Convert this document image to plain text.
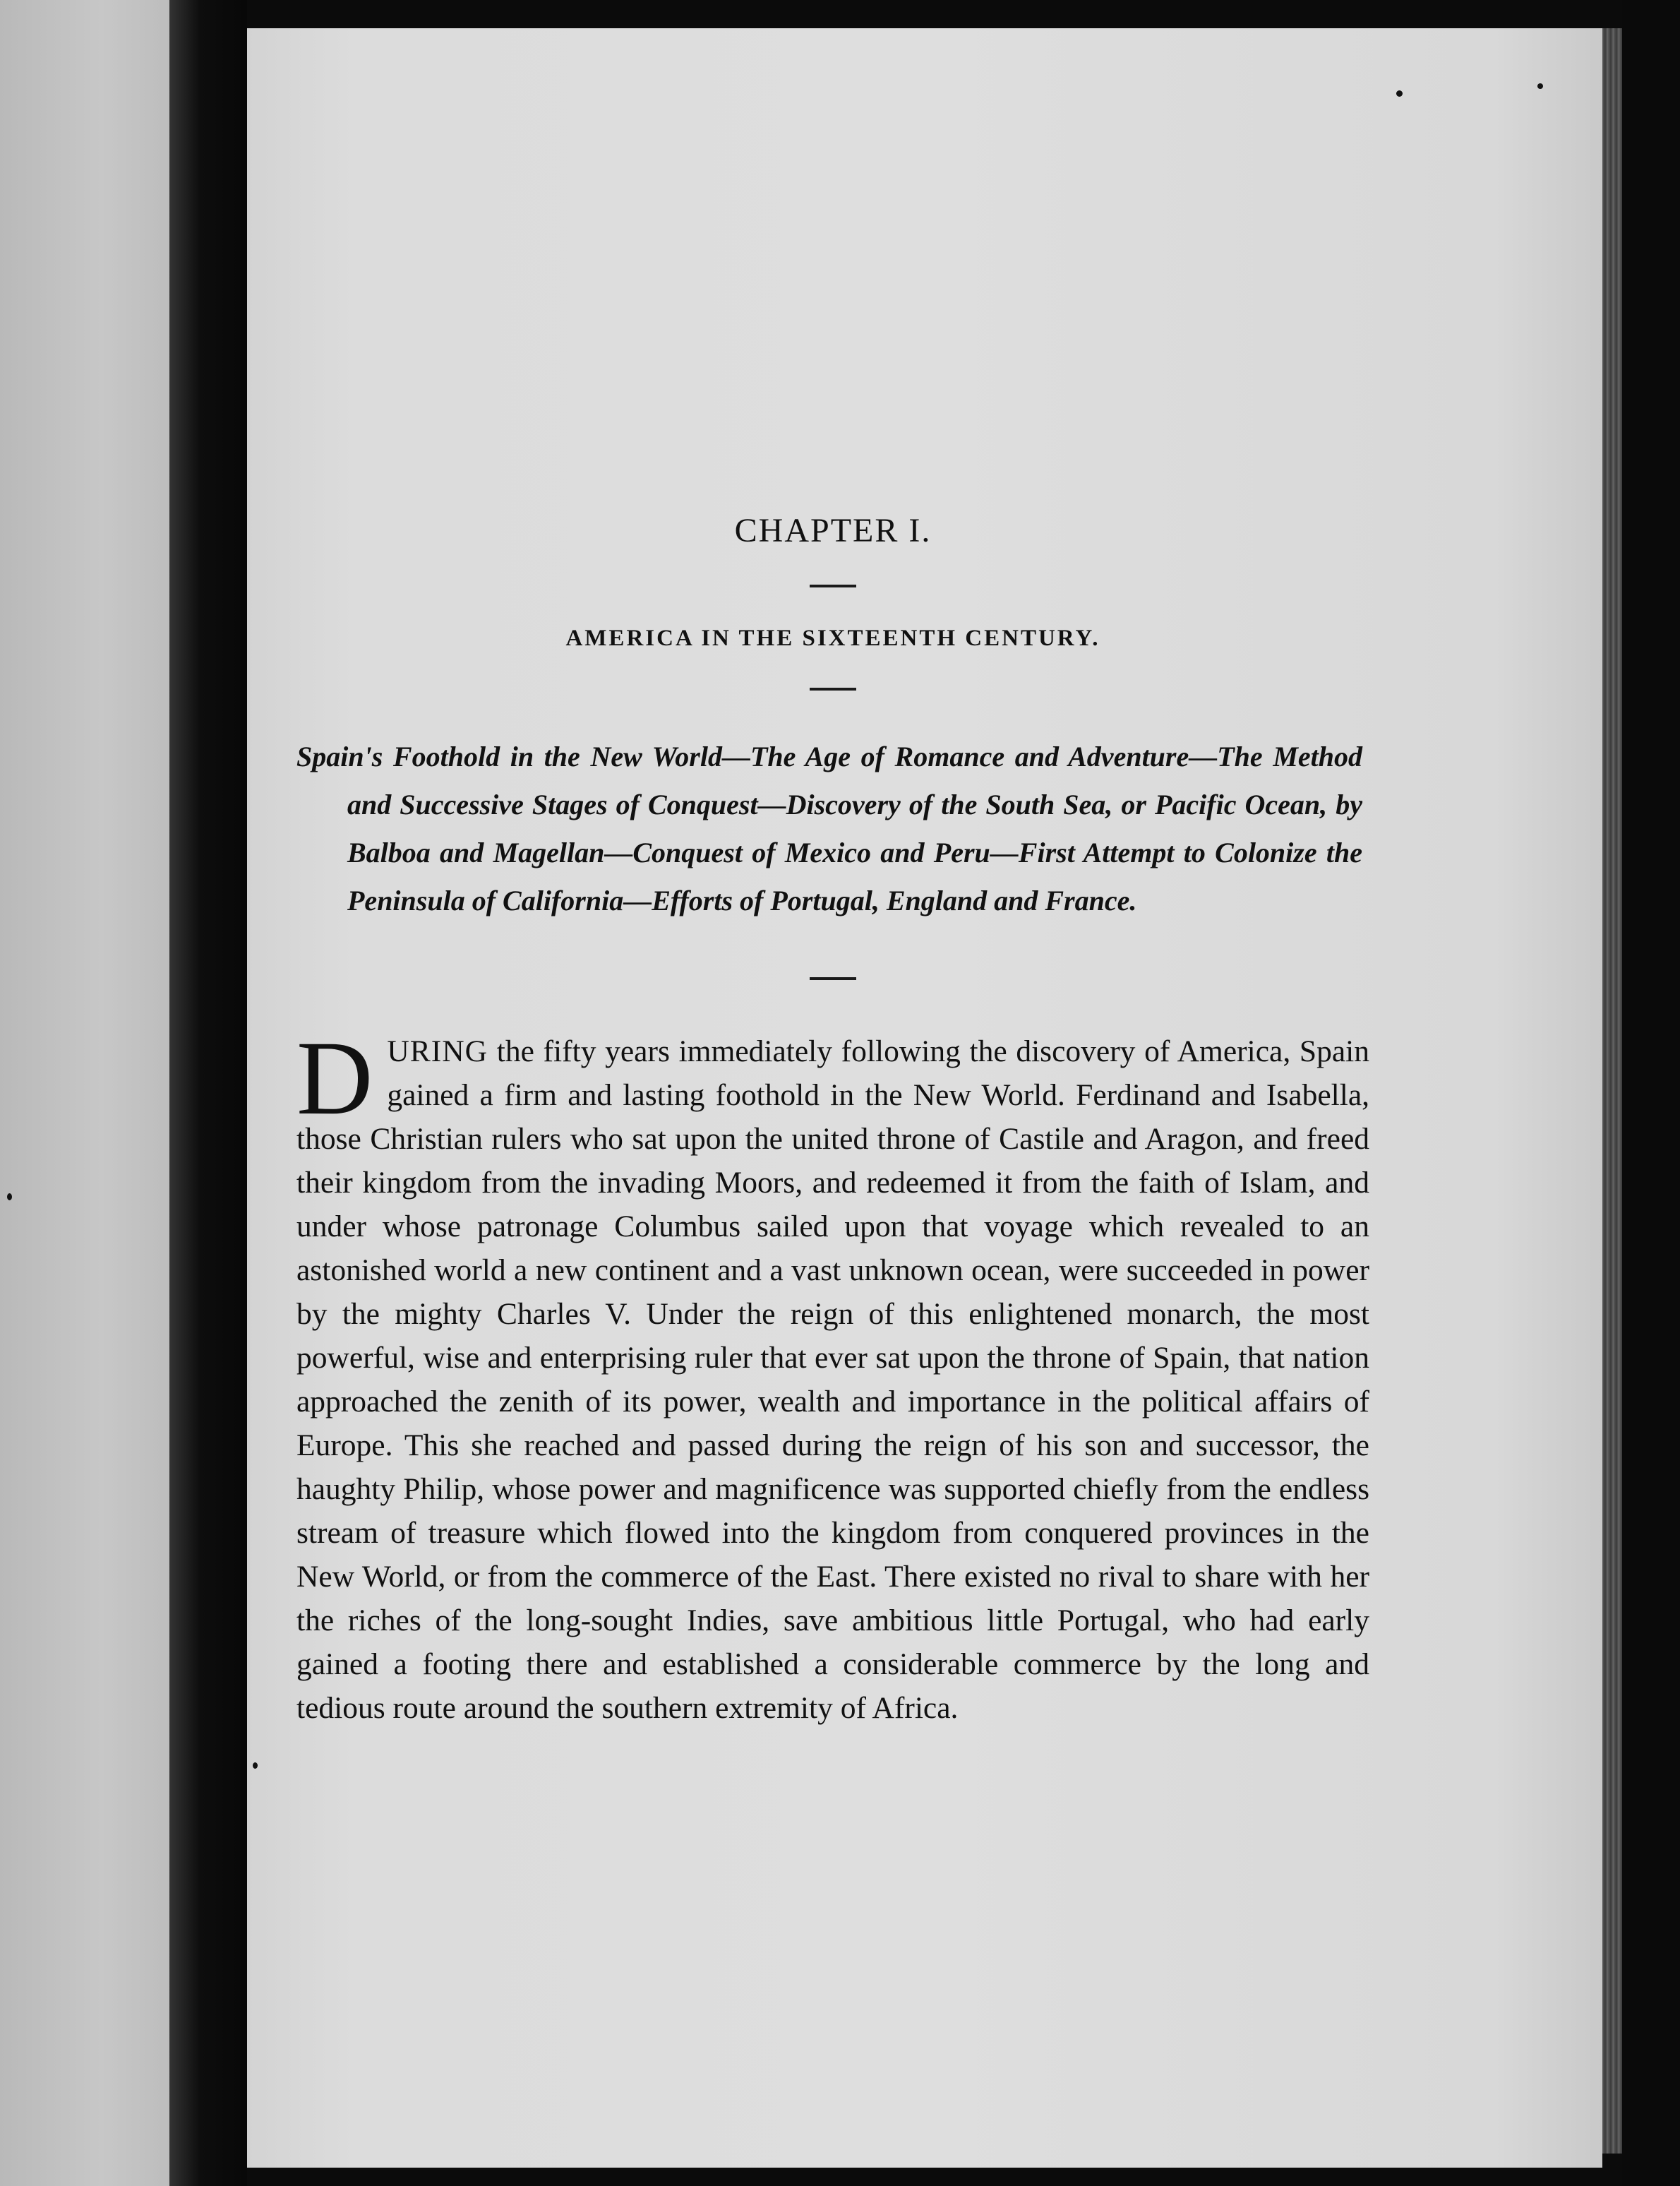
CHAPTER I.
AMERICA IN THE SIXTEENTH CENTURY.
Spain's Foothold in the New World—The Age of Romance and Adventure—The Method and Successive Stages of Conquest—Discovery of the South Sea, or Pacific Ocean, by Balboa and Magellan—Conquest of Mexico and Peru—First Attempt to Colonize the Peninsula of California—Efforts of Portugal, England and France.
DURING the fifty years immediately following the discovery of America, Spain gained a firm and lasting foothold in the New World. Ferdinand and Isabella, those Christian rulers who sat upon the united throne of Castile and Aragon, and freed their kingdom from the invading Moors, and redeemed it from the faith of Islam, and under whose patronage Columbus sailed upon that voyage which revealed to an astonished world a new continent and a vast unknown ocean, were succeeded in power by the mighty Charles V. Under the reign of this enlightened monarch, the most powerful, wise and enterprising ruler that ever sat upon the throne of Spain, that nation approached the zenith of its power, wealth and importance in the political affairs of Europe. This she reached and passed during the reign of his son and successor, the haughty Philip, whose power and magnificence was supported chiefly from the endless stream of treasure which flowed into the kingdom from conquered provinces in the New World, or from the commerce of the East. There existed no rival to share with her the riches of the long-sought Indies, save ambitious little Portugal, who had early gained a footing there and established a considerable commerce by the long and tedious route around the southern extremity of Africa.
